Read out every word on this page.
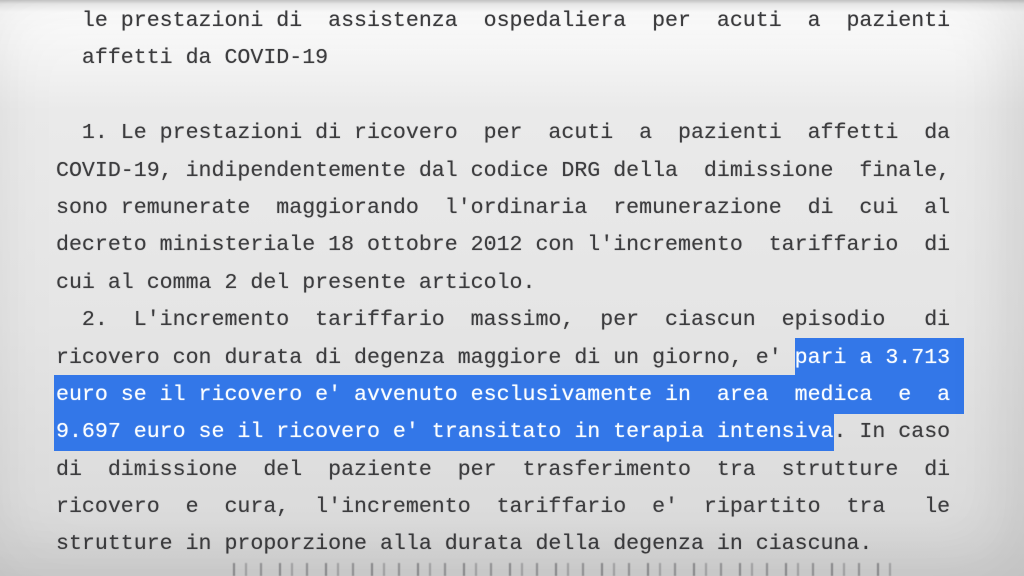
le prestazioni di  assistenza  ospedaliera  per  acuti  a  pazienti
affetti da COVID-19

1. Le prestazioni di ricovero  per  acuti  a  pazienti  affetti  da
COVID-19, indipendentemente dal codice DRG della  dimissione  finale,
sono remunerate  maggiorando  l'ordinaria  remunerazione  di  cui  al
decreto ministeriale 18 ottobre 2012 con l'incremento  tariffario  di
cui al comma 2 del presente articolo.
2.  L'incremento  tariffario  massimo,  per  ciascun  episodio   di
ricovero con durata di degenza maggiore di un giorno, e' pari a 3.713
euro se il ricovero e' avvenuto esclusivamente in  area  medica  e  a
9.697 euro se il ricovero e' transitato in terapia intensiva. In caso
di  dimissione  del  paziente  per  trasferimento  tra  strutture  di
ricovero  e  cura,  l'incremento  tariffario  e'  ripartito  tra   le
strutture in proporzione alla durata della degenza in ciascuna.
